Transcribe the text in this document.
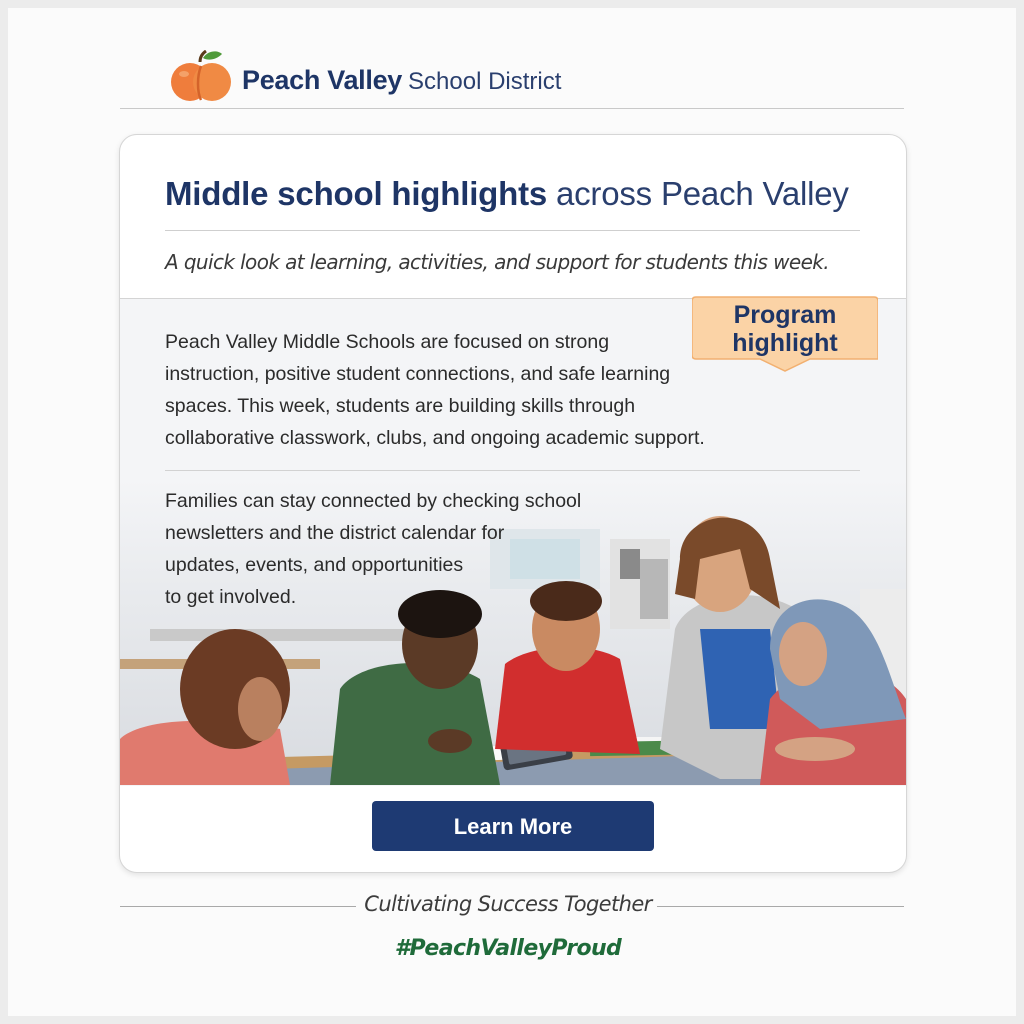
Peach Valley School District
Middle school highlights across Peach Valley
A quick look at learning, activities, and support for students this week.
Peach Valley Middle Schools are focused on strong
instruction, positive student connections, and safe learning
spaces. This week, students are building skills through
collaborative classwork, clubs, and ongoing academic support.
Program
highlight
Families can stay connected by checking school
newsletters and the district calendar for
updates, events, and opportunities
to get involved.
Learn More
Cultivating Success Together
#PeachValleyProud
